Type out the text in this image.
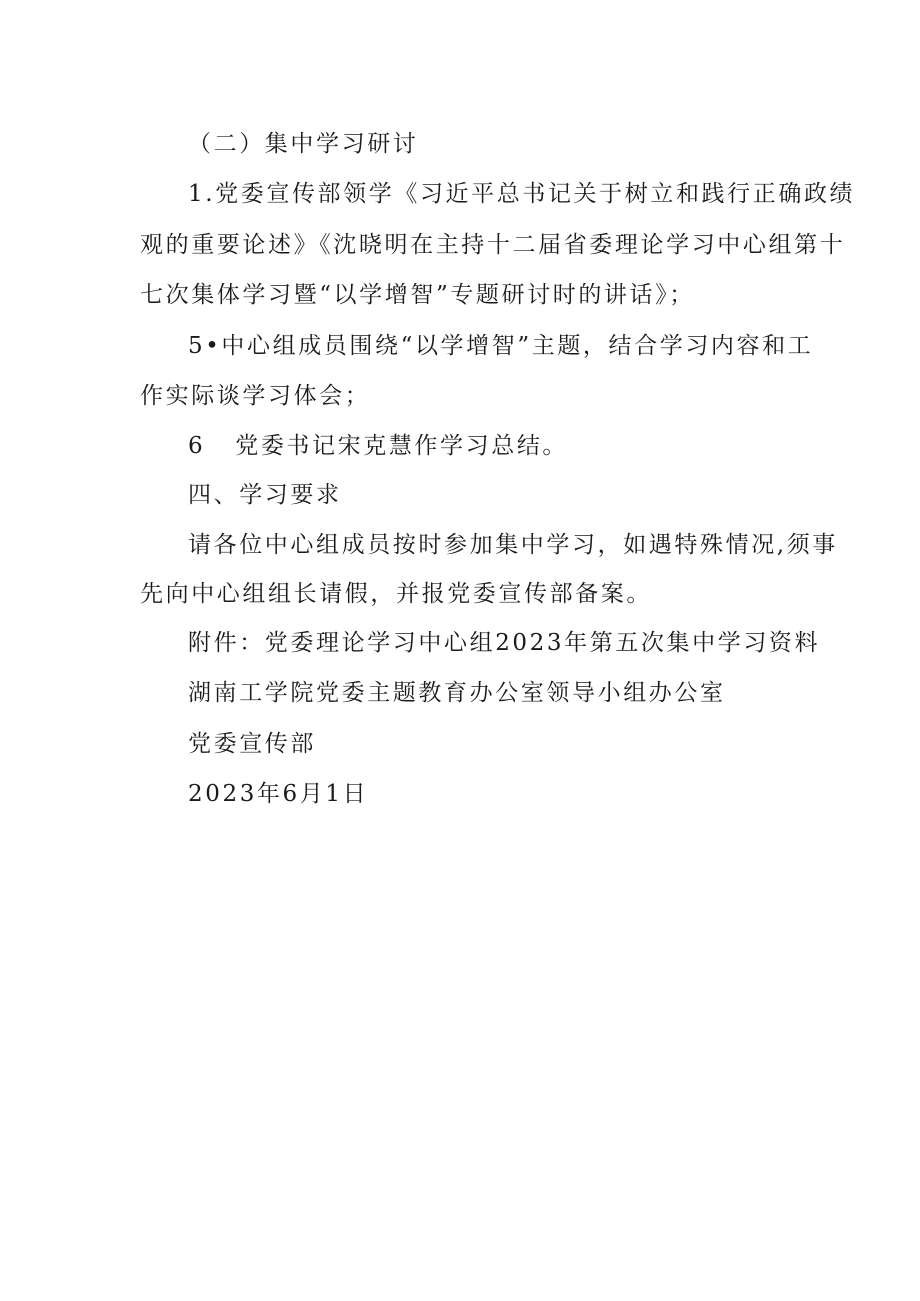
（二）集中学习研讨
1.党委宣传部领学《习近平总书记关于树立和践行正确政绩
观的重要论述》《沈晓明在主持十二届省委理论学习中心组第十
七次集体学习暨“以学增智”专题研讨时的讲话》；
5•中心组成员围绕“以学增智”主题，结合学习内容和工
作实际谈学习体会；
6 党委书记宋克慧作学习总结。
四、学习要求
请各位中心组成员按时参加集中学习，如遇特殊情况,须事
先向中心组组长请假，并报党委宣传部备案。
附件：党委理论学习中心组2023年第五次集中学习资料
湖南工学院党委主题教育办公室领导小组办公室
党委宣传部
2023年6月1日
